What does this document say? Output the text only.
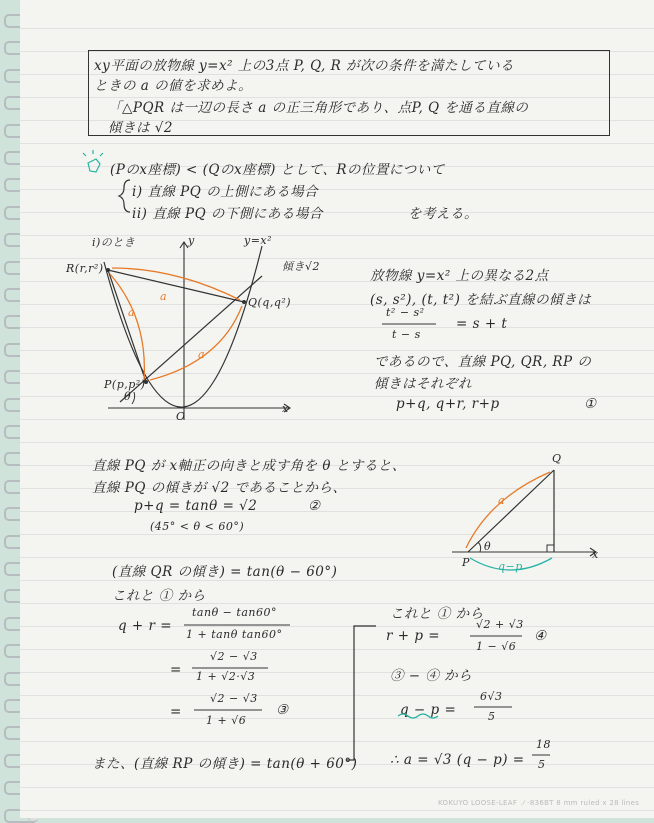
xy平面の放物線 y=x² 上の3点 P, Q, R が次の条件を満たしている
ときの a の値を求めよ。
「△PQR は一辺の長さ a の正三角形であり、点P, Q を通る直線の
傾きは √2
(Pのx座標) < (Qのx座標) として、Rの位置について
i) 直線 PQ の上側にある場合
ii) 直線 PQ の下側にある場合	を考える。
i)のとき	y	y=x²
傾き√2
R(r,r²)
Q(q,q²)
P(p,p²)
O
x
a
a
a
θ
放物線 y=x² 上の異なる2点
(s, s²), (t, t²) を結ぶ直線の傾きは
t² − s²
t − s
= s + t
であるので、直線 PQ, QR, RP の
傾きはそれぞれ
p+q, q+r, r+p	①
直線 PQ が x軸正の向きと成す角を θ とすると、
直線 PQ の傾きが √2 であることから、
p+q = tanθ = √2	②
(45° < θ < 60°)
Q
P
x
a
q−p
θ
(直線 QR の傾き) = tan(θ − 60°)
これと ① から
q + r =
tanθ − tan60°
1 + tanθ tan60°
=
√2 − √3
1 + √2·√3
=
√2 − √3
1 + √6
③
また、(直線 RP の傾き) = tan(θ + 60°)
これと ① から
r + p =
√2 + √3
1 − √6
④
③ − ④ から
q − p =
6√3
5
∴ a = √3 (q − p) =
18
5
KOKUYO LOOSE-LEAF ノ-836BT 8 mm ruled x 28 lines
